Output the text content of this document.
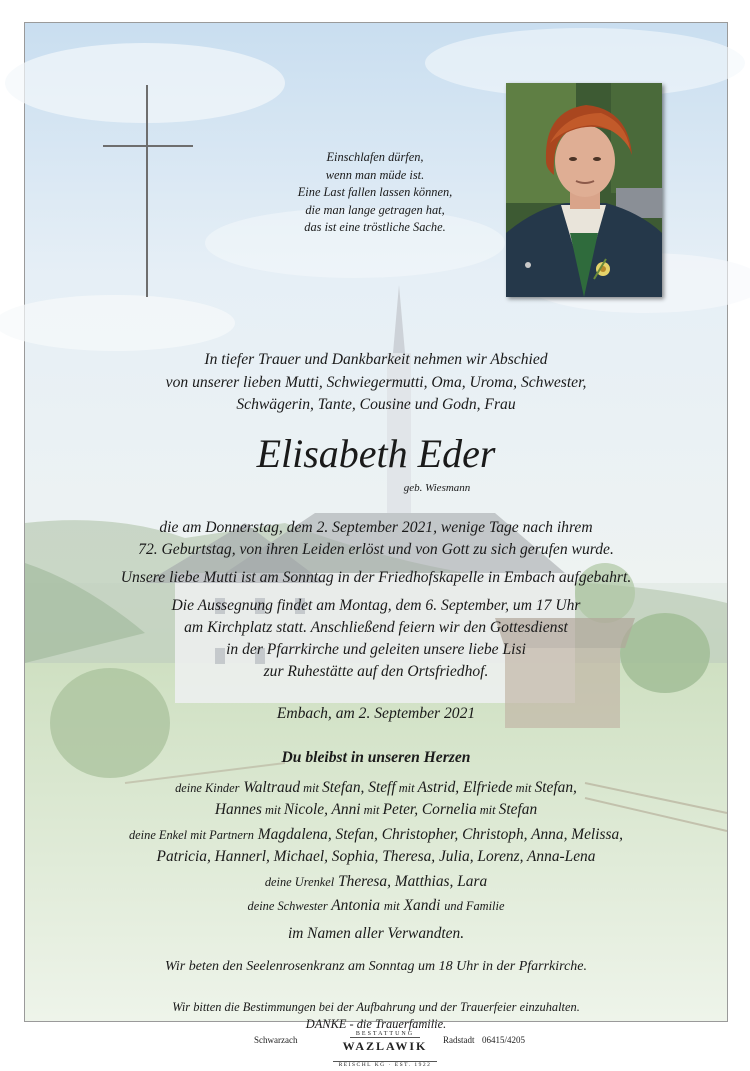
Einschlafen dürfen,
wenn man müde ist.
Eine Last fallen lassen können,
die man lange getragen hat,
das ist eine tröstliche Sache.
In tiefer Trauer und Dankbarkeit nehmen wir Abschied
von unserer lieben Mutti, Schwiegermutti, Oma, Uroma, Schwester,
Schwägerin, Tante, Cousine und Godn, Frau
Elisabeth Eder
geb. Wiesmann
die am Donnerstag, dem 2. September 2021, wenige Tage nach ihrem
72. Geburtstag, von ihren Leiden erlöst und von Gott zu sich gerufen wurde.
Unsere liebe Mutti ist am Sonntag in der Friedhofskapelle in Embach aufgebahrt.
Die Aussegnung findet am Montag, dem 6. September, um 17 Uhr
am Kirchplatz statt. Anschließend feiern wir den Gottesdienst
in der Pfarrkirche und geleiten unsere liebe Lisi
zur Ruhestätte auf den Ortsfriedhof.
Embach, am 2. September 2021
Du bleibst in unseren Herzen
deine Kinder Waltraud mit Stefan, Steff mit Astrid, Elfriede mit Stefan,
Hannes mit Nicole, Anni mit Peter, Cornelia mit Stefan
deine Enkel mit Partnern Magdalena, Stefan, Christopher, Christoph, Anna, Melissa,
Patricia, Hannerl, Michael, Sophia, Theresa, Julia, Lorenz, Anna-Lena
deine Urenkel Theresa, Matthias, Lara
deine Schwester Antonia mit Xandi und Familie
im Namen aller Verwandten.
Wir beten den Seelenrosenkranz am Sonntag um 18 Uhr in der Pfarrkirche.
Wir bitten die Bestimmungen bei der Aufbahrung und der Trauerfeier einzuhalten.
DANKE - die Trauerfamilie.
Schwarzach
BESTATTUNG
WAZLAWIK
REISCHL KG · EST. 1922
Radstadt 06415/4205
